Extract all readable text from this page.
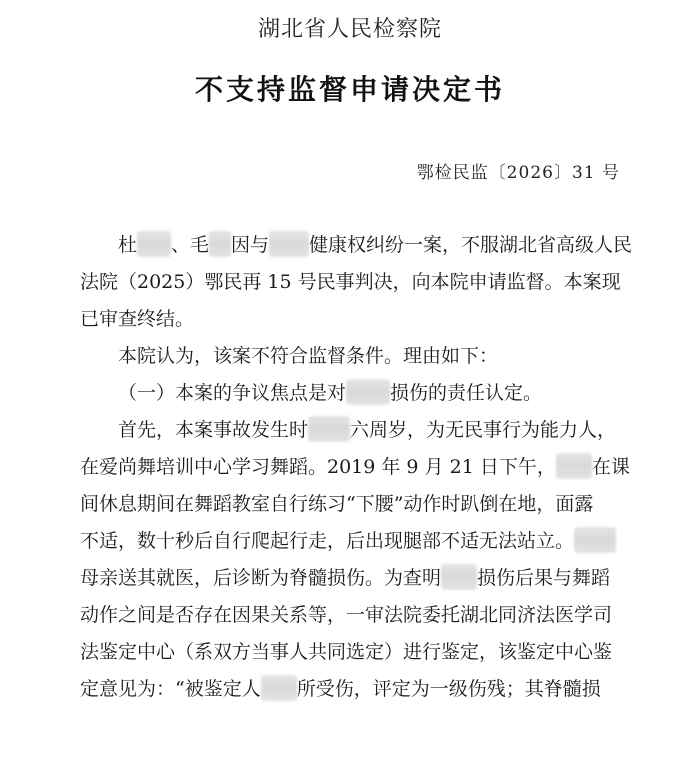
湖北省人民检察院
不支持监督申请决定书
鄂检民监〔2026〕31 号
杜 、毛 因与 健康权纠纷一案，不服湖北省高级人民
法院（2025）鄂民再 15 号民事判决，向本院申请监督。本案现
已审查终结。
本院认为，该案不符合监督条件。理由如下：
（一）本案的争议焦点是对 损伤的责任认定。
首先，本案事故发生时 六周岁，为无民事行为能力人，
在爱尚舞培训中心学习舞蹈。2019 年 9 月 21 日下午， 在课
间休息期间在舞蹈教室自行练习“下腰”动作时趴倒在地，面露
不适，数十秒后自行爬起行走，后出现腿部不适无法站立。
母亲送其就医，后诊断为脊髓损伤。为查明 损伤后果与舞蹈
动作之间是否存在因果关系等，一审法院委托湖北同济法医学司
法鉴定中心（系双方当事人共同选定）进行鉴定，该鉴定中心鉴
定意见为：“被鉴定人 所受伤，评定为一级伤残；其脊髓损
